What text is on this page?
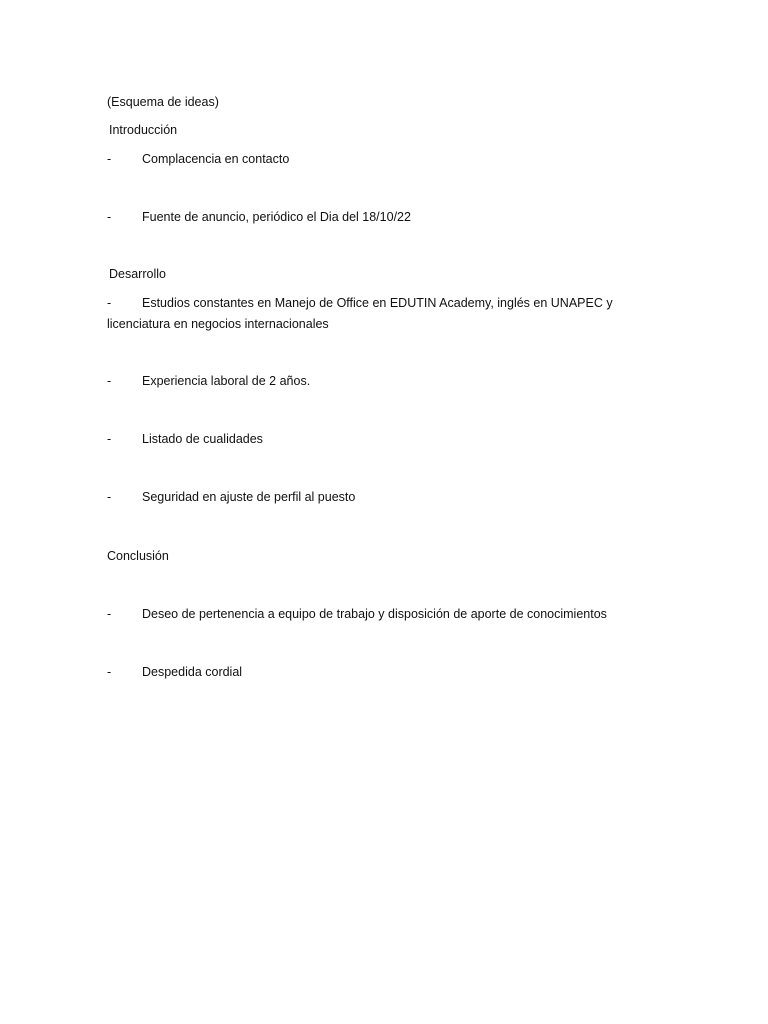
(Esquema de ideas)
Introducción
- Complacencia en contacto
- Fuente de anuncio, periódico el Dia del 18/10/22
Desarrollo
- Estudios constantes en Manejo de Office en EDUTIN Academy, inglés en UNAPEC y licenciatura en negocios internacionales
- Experiencia laboral de 2 años.
- Listado de cualidades
- Seguridad en ajuste de perfil al puesto
Conclusión
- Deseo de pertenencia a equipo de trabajo y disposición de aporte de conocimientos
- Despedida cordial
